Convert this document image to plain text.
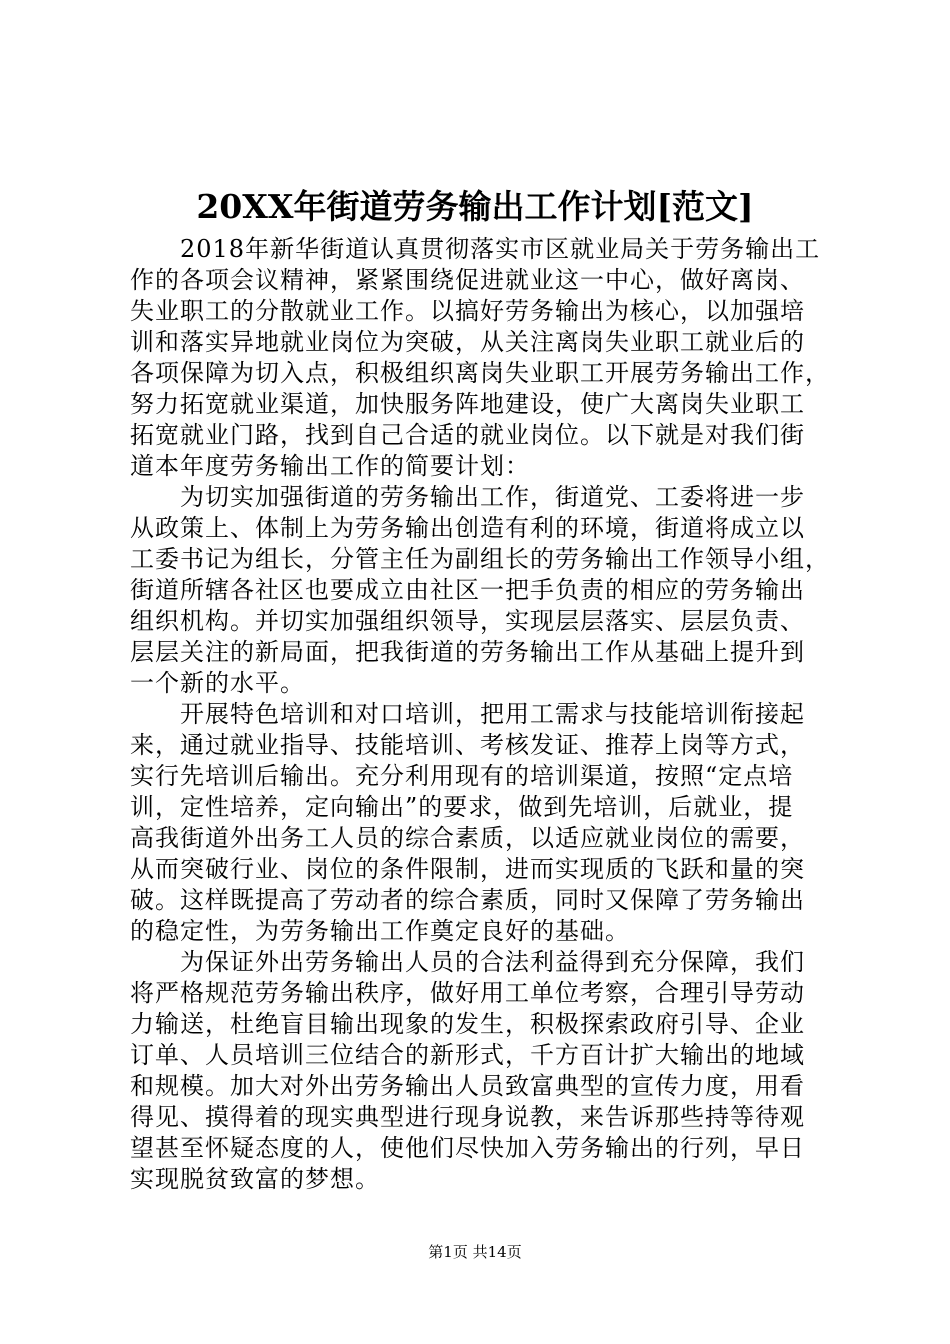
20XX年街道劳务输出工作计划[范文]
　　2018年新华街道认真贯彻落实市区就业局关于劳务输出工
作的各项会议精神，紧紧围绕促进就业这一中心，做好离岗、
失业职工的分散就业工作。以搞好劳务输出为核心，以加强培
训和落实异地就业岗位为突破，从关注离岗失业职工就业后的
各项保障为切入点，积极组织离岗失业职工开展劳务输出工作，
努力拓宽就业渠道，加快服务阵地建设，使广大离岗失业职工
拓宽就业门路，找到自己合适的就业岗位。以下就是对我们街
道本年度劳务输出工作的简要计划：
　　为切实加强街道的劳务输出工作，街道党、工委将进一步
从政策上、体制上为劳务输出创造有利的环境，街道将成立以
工委书记为组长，分管主任为副组长的劳务输出工作领导小组，
街道所辖各社区也要成立由社区一把手负责的相应的劳务输出
组织机构。并切实加强组织领导，实现层层落实、层层负责、
层层关注的新局面，把我街道的劳务输出工作从基础上提升到
一个新的水平。
　　开展特色培训和对口培训，把用工需求与技能培训衔接起
来，通过就业指导、技能培训、考核发证、推荐上岗等方式，
实行先培训后输出。充分利用现有的培训渠道，按照“定点培
训，定性培养，定向输出”的要求，做到先培训，后就业，提
高我街道外出务工人员的综合素质，以适应就业岗位的需要，
从而突破行业、岗位的条件限制，进而实现质的飞跃和量的突
破。这样既提高了劳动者的综合素质，同时又保障了劳务输出
的稳定性，为劳务输出工作奠定良好的基础。
　　为保证外出劳务输出人员的合法利益得到充分保障，我们
将严格规范劳务输出秩序，做好用工单位考察，合理引导劳动
力输送，杜绝盲目输出现象的发生，积极探索政府引导、企业
订单、人员培训三位结合的新形式，千方百计扩大输出的地域
和规模。加大对外出劳务输出人员致富典型的宣传力度，用看
得见、摸得着的现实典型进行现身说教，来告诉那些持等待观
望甚至怀疑态度的人，使他们尽快加入劳务输出的行列，早日
实现脱贫致富的梦想。
第1页 共14页
